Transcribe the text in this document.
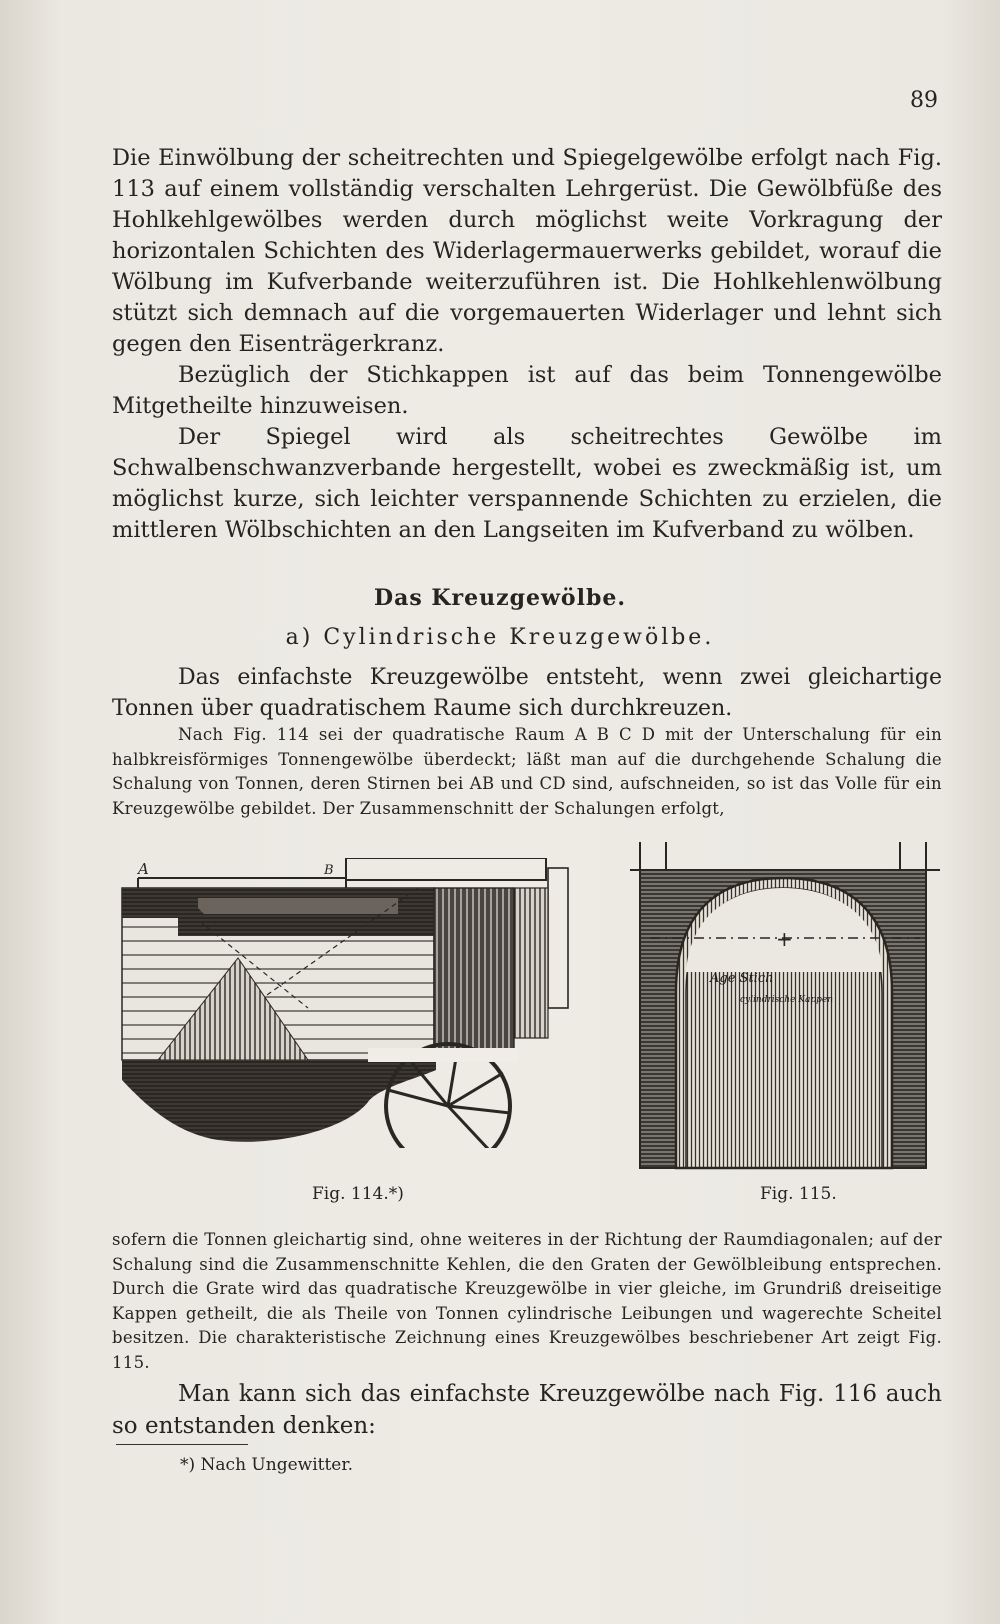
89

Die Einwölbung der scheitrechten und Spiegelgewölbe erfolgt nach Fig. 113 auf einem vollständig verschalten Lehrgerüst. Die Gewölbfüße des Hohlkehlgewölbes werden durch möglichst weite Vorkragung der horizontalen Schichten des Widerlagermauerwerks gebildet, worauf die Wölbung im Kufverbande weiterzuführen ist. Die Hohlkehlenwölbung stützt sich demnach auf die vorgemauerten Widerlager und lehnt sich gegen den Eisenträgerkranz.

Bezüglich der Stichkappen ist auf das beim Tonnengewölbe Mitgetheilte hinzuweisen.

Der Spiegel wird als scheitrechtes Gewölbe im Schwalbenschwanzverbande hergestellt, wobei es zweckmäßig ist, um möglichst kurze, sich leichter verspannende Schichten zu erzielen, die mittleren Wölbschichten an den Langseiten im Kufverband zu wölben.

Das Kreuzgewölbe.
a) Cylindrische Kreuzgewölbe.

Das einfachste Kreuzgewölbe entsteht, wenn zwei gleichartige Tonnen über quadratischem Raume sich durchkreuzen.

Nach Fig. 114 sei der quadratische Raum A B C D mit der Unterschalung für ein halbkreisförmiges Tonnengewölbe überdeckt; läßt man auf die durchgehende Schalung die Schalung von Tonnen, deren Stirnen bei AB und CD sind, aufschneiden, so ist das Volle für ein Kreuzgewölbe gebildet. Der Zusammenschnitt der Schalungen erfolgt,

A	B
+
Age Stich
cylindrische Kappen
Fig. 114.*)	Fig. 115.

sofern die Tonnen gleichartig sind, ohne weiteres in der Richtung der Raumdiagonalen; auf der Schalung sind die Zusammenschnitte Kehlen, die den Graten der Gewölbleibung entsprechen. Durch die Grate wird das quadratische Kreuzgewölbe in vier gleiche, im Grundriß dreiseitige Kappen getheilt, die als Theile von Tonnen cylindrische Leibungen und wagerechte Scheitel besitzen. Die charakteristische Zeichnung eines Kreuzgewölbes beschriebener Art zeigt Fig. 115.

Man kann sich das einfachste Kreuzgewölbe nach Fig. 116 auch so entstanden denken:

*) Nach Ungewitter.
